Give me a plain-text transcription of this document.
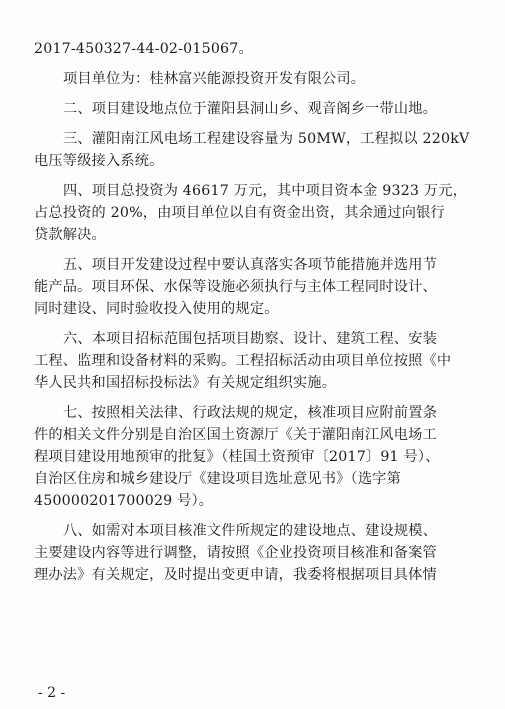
2017-450327-44-02-015067。
项目单位为：桂林富兴能源投资开发有限公司。
二、项目建设地点位于灌阳县洞山乡、观音阁乡一带山地。
三、灌阳南江风电场工程建设容量为 50MW，工程拟以 220kV
电压等级接入系统。
四、项目总投资为 46617 万元，其中项目资本金 9323 万元，
占总投资的 20%，由项目单位以自有资金出资，其余通过向银行
贷款解决。
五、项目开发建设过程中要认真落实各项节能措施并选用节
能产品。项目环保、水保等设施必须执行与主体工程同时设计、
同时建设、同时验收投入使用的规定。
六、本项目招标范围包括项目勘察、设计、建筑工程、安装
工程、监理和设备材料的采购。工程招标活动由项目单位按照《中
华人民共和国招标投标法》有关规定组织实施。
七、按照相关法律、行政法规的规定，核准项目应附前置条
件的相关文件分别是自治区国土资源厅《关于灌阳南江风电场工
程项目建设用地预审的批复》（桂国土资预审〔2017〕91 号）、
自治区住房和城乡建设厅《建设项目选址意见书》（选字第
450000201700029 号）。
八、如需对本项目核准文件所规定的建设地点、建设规模、
主要建设内容等进行调整，请按照《企业投资项目核准和备案管
理办法》有关规定，及时提出变更申请，我委将根据项目具体情
- 2 -
